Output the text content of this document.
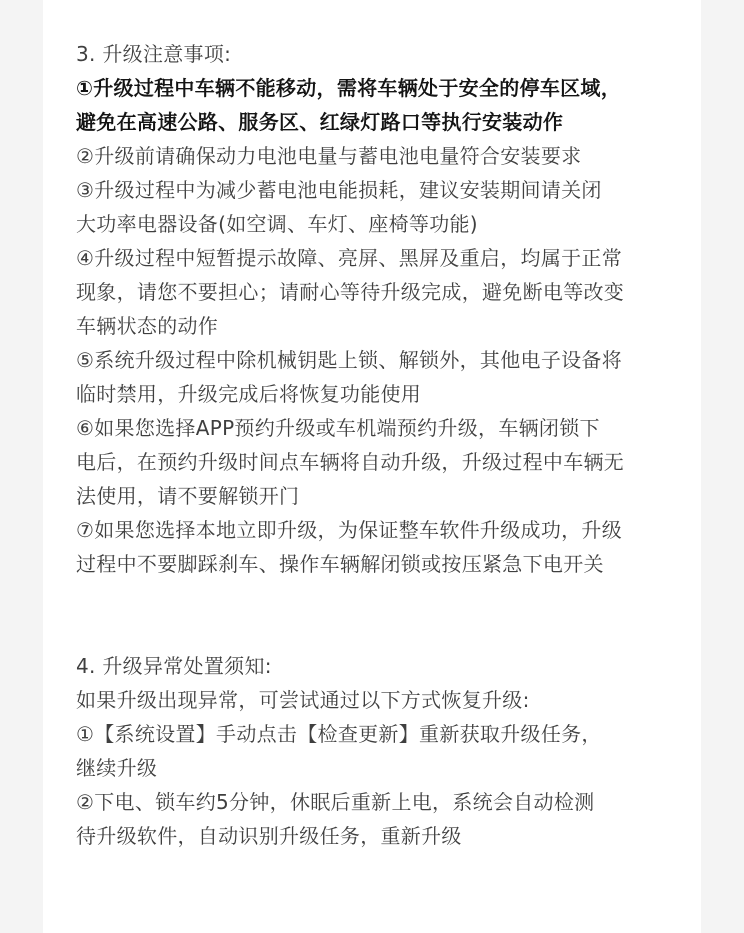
3. 升级注意事项:
①升级过程中车辆不能移动，需将车辆处于安全的停车区域，
避免在高速公路、服务区、红绿灯路口等执行安装动作
②升级前请确保动力电池电量与蓄电池电量符合安装要求
③升级过程中为减少蓄电池电能损耗，建议安装期间请关闭
大功率电器设备(如空调、车灯、座椅等功能)
④升级过程中短暂提示故障、亮屏、黑屏及重启，均属于正常
现象，请您不要担心；请耐心等待升级完成，避免断电等改变
车辆状态的动作
⑤系统升级过程中除机械钥匙上锁、解锁外，其他电子设备将
临时禁用，升级完成后将恢复功能使用
⑥如果您选择APP预约升级或车机端预约升级，车辆闭锁下
电后，在预约升级时间点车辆将自动升级，升级过程中车辆无
法使用，请不要解锁开门
⑦如果您选择本地立即升级，为保证整车软件升级成功，升级
过程中不要脚踩刹车、操作车辆解闭锁或按压紧急下电开关
4. 升级异常处置须知:
如果升级出现异常，可尝试通过以下方式恢复升级:
①【系统设置】手动点击【检查更新】重新获取升级任务，
继续升级
②下电、锁车约5分钟，休眠后重新上电，系统会自动检测
待升级软件，自动识别升级任务，重新升级
